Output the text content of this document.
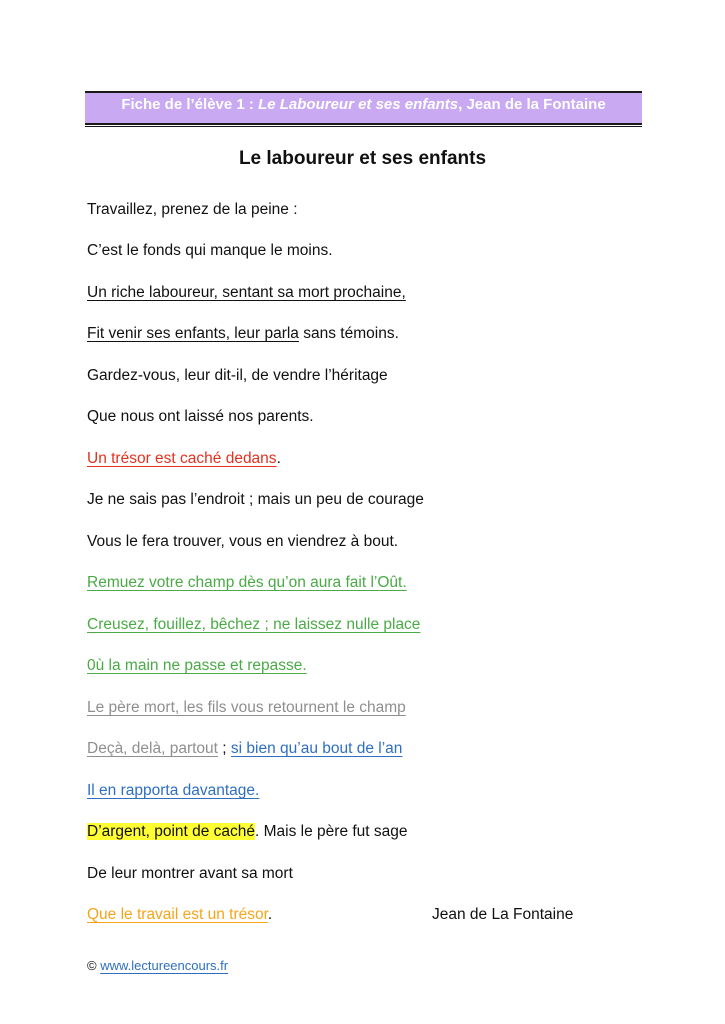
Fiche de l’élève 1 : Le Laboureur et ses enfants, Jean de la Fontaine
Le laboureur et ses enfants
Travaillez, prenez de la peine :
C’est le fonds qui manque le moins.
Un riche laboureur, sentant sa mort prochaine,
Fit venir ses enfants, leur parla sans témoins.
Gardez-vous, leur dit-il, de vendre l’héritage
Que nous ont laissé nos parents.
Un trésor est caché dedans.
Je ne sais pas l’endroit ; mais un peu de courage
Vous le fera trouver, vous en viendrez à bout.
Remuez votre champ dès qu’on aura fait l’Oût.
Creusez, fouillez, bêchez ; ne laissez nulle place
0ù la main ne passe et repasse.
Le père mort, les fils vous retournent le champ
Deçà, delà, partout ; si bien qu’au bout de l’an
Il en rapporta davantage.
D’argent, point de caché. Mais le père fut sage
De leur montrer avant sa mort
Que le travail est un trésor.	Jean de La Fontaine
© www.lectureencours.fr
